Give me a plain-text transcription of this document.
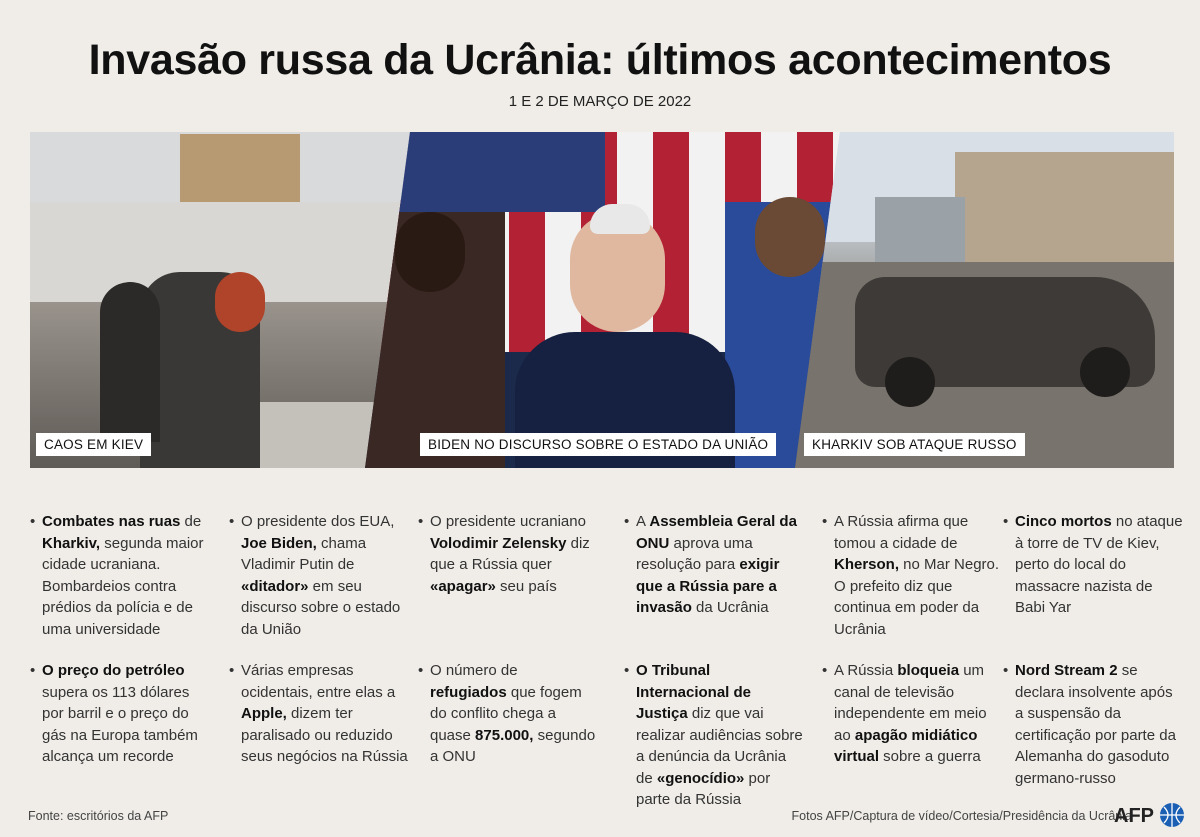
Invasão russa da Ucrânia: últimos acontecimentos
1 E 2 DE MARÇO DE 2022
CAOS EM KIEV	BIDEN NO DISCURSO SOBRE O ESTADO DA UNIÃO	KHARKIV SOB ATAQUE RUSSO
• Combates nas ruas de Kharkiv, segunda maior cidade ucraniana. Bombardeios contra prédios da polícia e de uma universidade
• O presidente dos EUA, Joe Biden, chama Vladimir Putin de «ditador» em seu discurso sobre o estado da União
• O presidente ucraniano Volodimir Zelensky diz que a Rússia quer «apagar» seu país
• A Assembleia Geral da ONU aprova uma resolução para exigir que a Rússia pare a invasão da Ucrânia
• A Rússia afirma que tomou a cidade de Kherson, no Mar Negro. O prefeito diz que continua em poder da Ucrânia
• Cinco mortos no ataque à torre de TV de Kiev, perto do local do massacre nazista de Babi Yar
• O preço do petróleo supera os 113 dólares por barril e o preço do gás na Europa também alcança um recorde
• Várias empresas ocidentais, entre elas a Apple, dizem ter paralisado ou reduzido seus negócios na Rússia
• O número de refugiados que fogem do conflito chega a quase 875.000, segundo a ONU
• O Tribunal Internacional de Justiça diz que vai realizar audiências sobre a denúncia da Ucrânia de «genocídio» por parte da Rússia
• A Rússia bloqueia um canal de televisão independente em meio ao apagão midiático virtual sobre a guerra
• Nord Stream 2 se declara insolvente após a suspensão da certificação por parte da Alemanha do gasoduto germano-russo
Fonte: escritórios da AFP	Fotos AFP/Captura de vídeo/Cortesia/Presidência da Ucrânia
AFP
